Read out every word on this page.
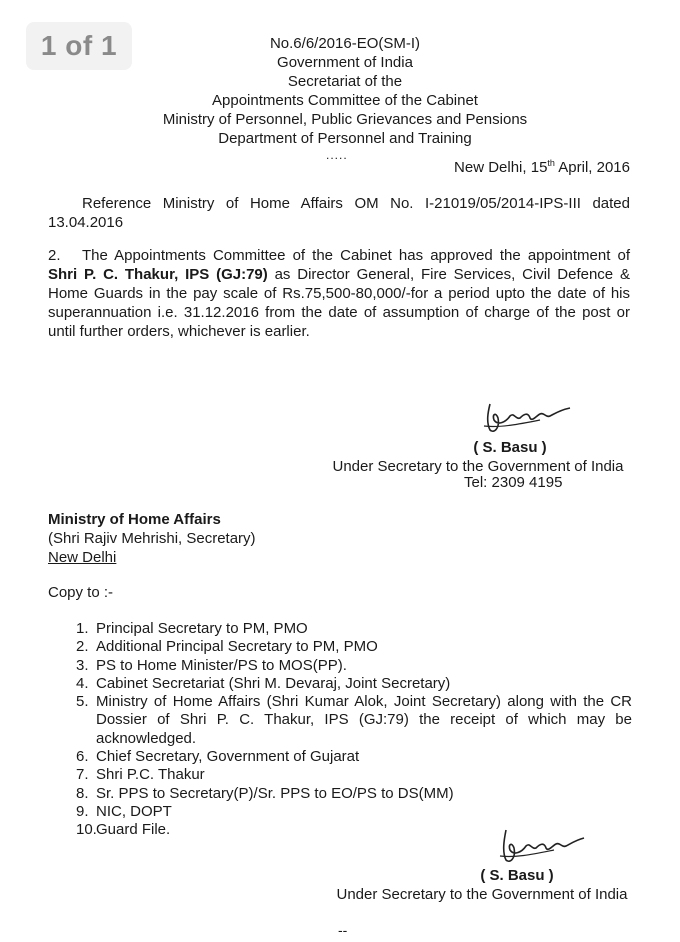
1 of 1	No.6/6/2016-EO(SM-I)
Government of India
Secretariat of the
Appointments Committee of the Cabinet
Ministry of Personnel, Public Grievances and Pensions
Department of Personnel and Training
.....
New Delhi, 15th April, 2016
Reference Ministry of Home Affairs OM No. I-21019/05/2014-IPS-III dated 13.04.2016
2. The Appointments Committee of the Cabinet has approved the appointment of Shri P. C. Thakur, IPS (GJ:79) as Director General, Fire Services, Civil Defence & Home Guards in the pay scale of Rs.75,500-80,000/-for a period upto the date of his superannuation i.e. 31.12.2016 from the date of assumption of charge of the post or until further orders, whichever is earlier.
( S. Basu )
Under Secretary to the Government of India
Tel: 2309 4195
Ministry of Home Affairs
(Shri Rajiv Mehrishi, Secretary)
New Delhi
Copy to :-
1. Principal Secretary to PM, PMO
2. Additional Principal Secretary to PM, PMO
3. PS to Home Minister/PS to MOS(PP).
4. Cabinet Secretariat (Shri M. Devaraj, Joint Secretary)
5. Ministry of Home Affairs (Shri Kumar Alok, Joint Secretary) along with the CR Dossier of Shri P. C. Thakur, IPS (GJ:79) the receipt of which may be acknowledged.
6. Chief Secretary, Government of Gujarat
7. Shri P.C. Thakur
8. Sr. PPS to Secretary(P)/Sr. PPS to EO/PS to DS(MM)
9. NIC, DOPT
10. Guard File.
( S. Basu )
Under Secretary to the Government of India
--
